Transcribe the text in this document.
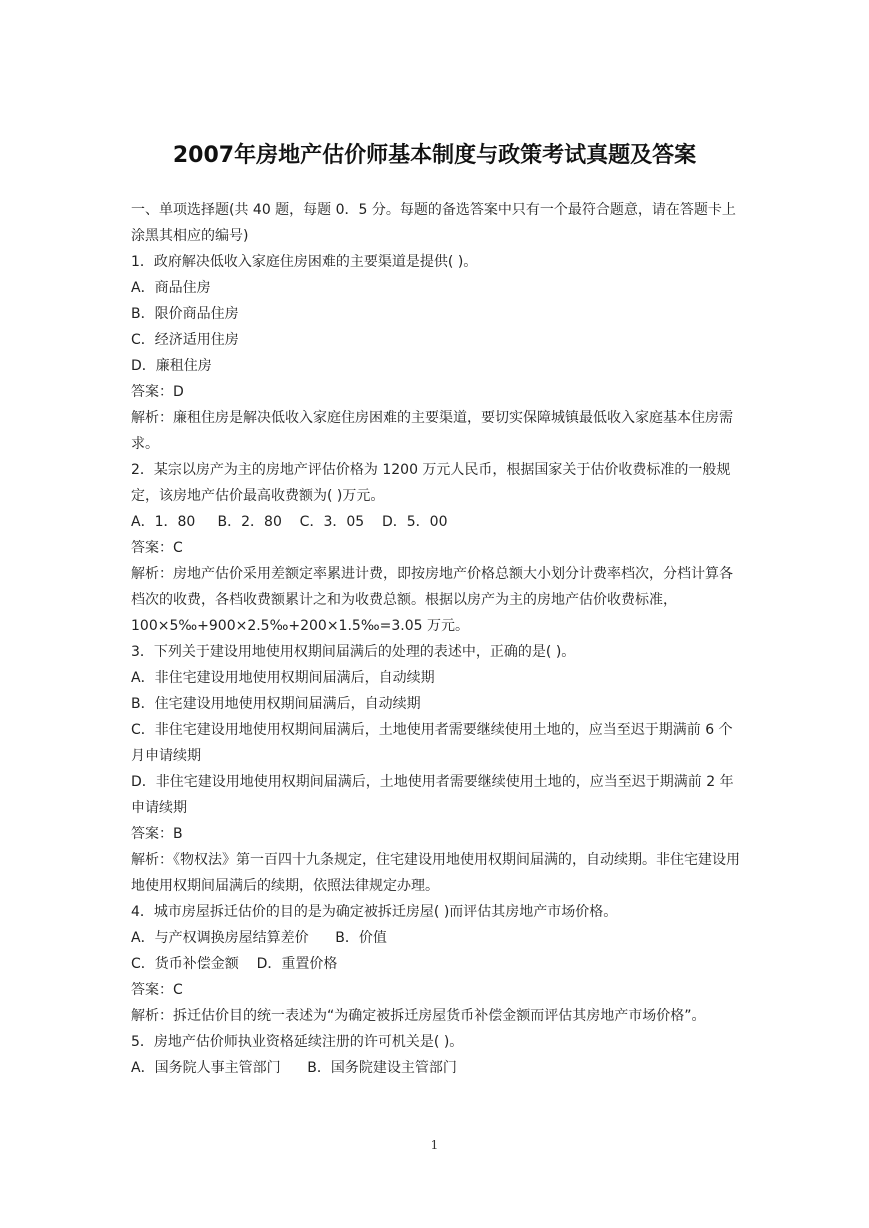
2007年房地产估价师基本制度与政策考试真题及答案

一、单项选择题(共 40 题，每题 0．5 分。每题的备选答案中只有一个最符合题意，请在答题卡上涂黑其相应的编号)

1．政府解决低收入家庭住房困难的主要渠道是提供( )。

A．商品住房

B．限价商品住房

C．经济适用住房

D．廉租住房

答案：D

解析：廉租住房是解决低收入家庭住房困难的主要渠道，要切实保障城镇最低收入家庭基本住房需求。

2．某宗以房产为主的房地产评估价格为 1200 万元人民币，根据国家关于估价收费标准的一般规定，该房地产估价最高收费额为( )万元。

A．1．80     B．2．80    C．3．05    D．5．00

答案：C

解析：房地产估价采用差额定率累进计费，即按房地产价格总额大小划分计费率档次，分档计算各档次的收费，各档收费额累计之和为收费总额。根据以房产为主的房地产估价收费标准，100×5‰+900×2.5‰+200×1.5‰=3.05 万元。

3．下列关于建设用地使用权期间届满后的处理的表述中，正确的是( )。

A．非住宅建设用地使用权期间届满后，自动续期

B．住宅建设用地使用权期间届满后，自动续期

C．非住宅建设用地使用权期间届满后，土地使用者需要继续使用土地的，应当至迟于期满前 6 个月申请续期

D．非住宅建设用地使用权期间届满后，土地使用者需要继续使用土地的，应当至迟于期满前 2 年申请续期

答案：B

解析：《物权法》第一百四十九条规定，住宅建设用地使用权期间届满的，自动续期。非住宅建设用地使用权期间届满后的续期，依照法律规定办理。

4．城市房屋拆迁估价的目的是为确定被拆迁房屋( )而评估其房地产市场价格。

A．与产权调换房屋结算差价      B．价值

C．货币补偿金额    D．重置价格

答案：C

解析：拆迁估价目的统一表述为“为确定被拆迁房屋货币补偿金额而评估其房地产市场价格”。

5．房地产估价师执业资格延续注册的许可机关是( )。

A．国务院人事主管部门      B．国务院建设主管部门

1
